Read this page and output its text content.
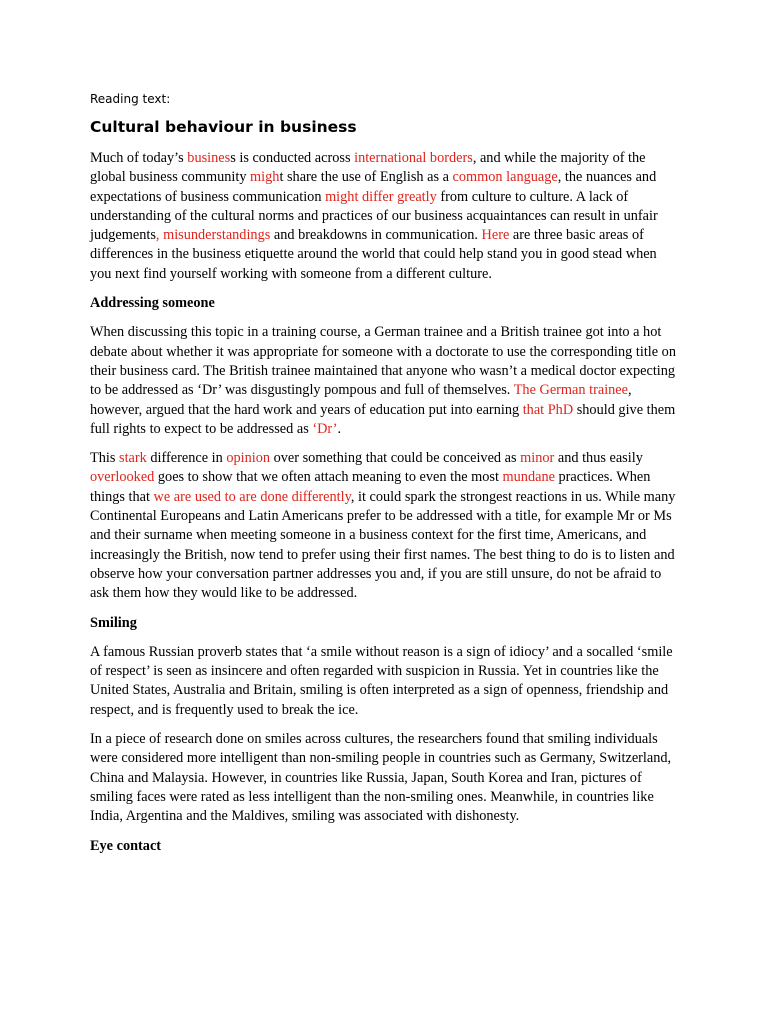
Reading text:
Cultural behaviour in business

Much of today’s business is conducted across international borders, and while the majority of the global business community might share the use of English as a common language, the nuances and expectations of business communication might differ greatly from culture to culture. A lack of understanding of the cultural norms and practices of our business acquaintances can result in unfair judgements, misunderstandings and breakdowns in communication. Here are three basic areas of differences in the business etiquette around the world that could help stand you in good stead when you next find yourself working with someone from a different culture.

Addressing someone

When discussing this topic in a training course, a German trainee and a British trainee got into a hot debate about whether it was appropriate for someone with a doctorate to use the corresponding title on their business card. The British trainee maintained that anyone who wasn’t a medical doctor expecting to be addressed as ‘Dr’ was disgustingly pompous and full of themselves. The German trainee, however, argued that the hard work and years of education put into earning that PhD should give them full rights to expect to be addressed as ‘Dr’.

This stark difference in opinion over something that could be conceived as minor and thus easily overlooked goes to show that we often attach meaning to even the most mundane practices. When things that we are used to are done differently, it could spark the strongest reactions in us. While many Continental Europeans and Latin Americans prefer to be addressed with a title, for example Mr or Ms and their surname when meeting someone in a business context for the first time, Americans, and increasingly the British, now tend to prefer using their first names. The best thing to do is to listen and observe how your conversation partner addresses you and, if you are still unsure, do not be afraid to ask them how they would like to be addressed.

Smiling

A famous Russian proverb states that ‘a smile without reason is a sign of idiocy’ and a socalled ‘smile of respect’ is seen as insincere and often regarded with suspicion in Russia. Yet in countries like the United States, Australia and Britain, smiling is often interpreted as a sign of openness, friendship and respect, and is frequently used to break the ice.

In a piece of research done on smiles across cultures, the researchers found that smiling individuals were considered more intelligent than non-smiling people in countries such as Germany, Switzerland, China and Malaysia. However, in countries like Russia, Japan, South Korea and Iran, pictures of smiling faces were rated as less intelligent than the non-smiling ones. Meanwhile, in countries like India, Argentina and the Maldives, smiling was associated with dishonesty.

Eye contact
